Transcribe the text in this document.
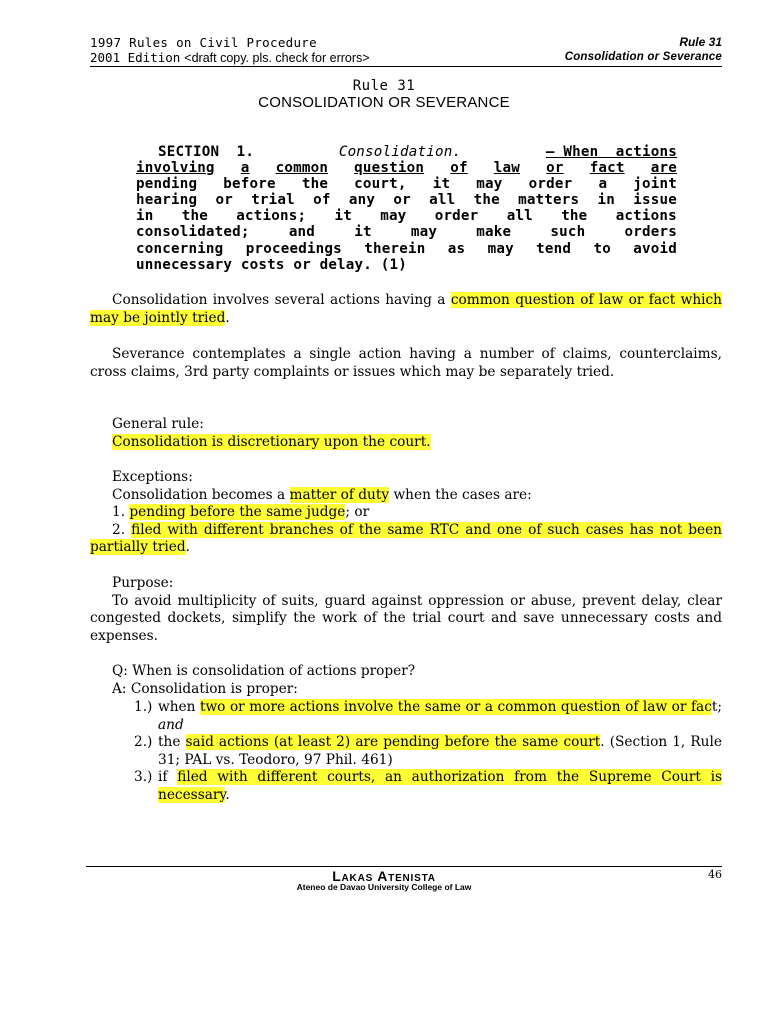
1997 Rules on Civil Procedure
2001 Edition <draft copy. pls. check for errors>
Rule 31
Consolidation or Severance
Rule 31
CONSOLIDATION OR SEVERANCE
SECTION  1.	Consolidation.	– When  actions
involving a common question of law or fact are
pending before the court, it may order a joint
hearing or trial of any or all the matters in issue
in the actions; it may order all the actions
consolidated;	and	it	may	make	such	orders
concerning proceedings therein as may tend to avoid
unnecessary costs or delay. (1)
Consolidation involves several actions having a common question of law or fact which may be jointly tried.
Severance contemplates a single action having a number of claims, counterclaims, cross claims, 3rd party complaints or issues which may be separately tried.
General rule:
Consolidation is discretionary upon the court.
Exceptions:
Consolidation becomes a matter of duty when the cases are:
1. pending before the same judge; or
2. filed with different branches of the same RTC and one of such cases has not been partially tried.
Purpose:
To avoid multiplicity of suits, guard against oppression or abuse, prevent delay, clear congested dockets, simplify the work of the trial court and save unnecessary costs and expenses.
Q: When is consolidation of actions proper?
A: Consolidation is proper:
1.) when two or more actions involve the same or a common question of law or fact; and
2.) the said actions (at least 2) are pending before the same court. (Section 1, Rule 31; PAL vs. Teodoro, 97 Phil. 461)
3.) if filed with different courts, an authorization from the Supreme Court is necessary.
Lakas Atenista
Ateneo de Davao University College of Law
46
